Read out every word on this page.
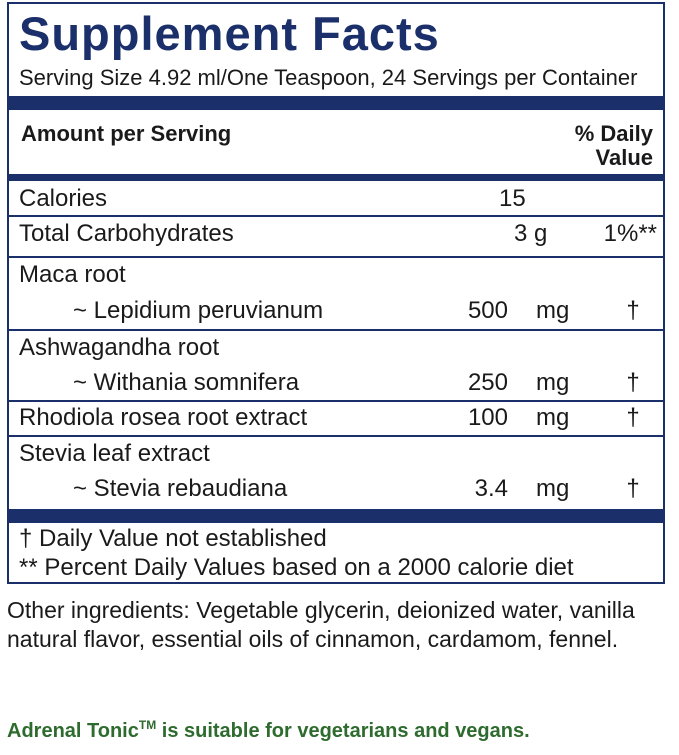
Supplement Facts
Serving Size 4.92 ml/One Teaspoon, 24 Servings per Container
Amount per Serving	% Daily
Value
Calories	15
Total Carbohydrates	3 g 1%**
Maca root
~ Lepidium peruvianum	500 mg †
Ashwagandha root
~ Withania somnifera	250 mg †
Rhodiola rosea root extract	100 mg †
Stevia leaf extract
~ Stevia rebaudiana	3.4 mg †
† Daily Value not established
** Percent Daily Values based on a 2000 calorie diet
Other ingredients: Vegetable glycerin, deionized water, vanilla natural flavor, essential oils of cinnamon, cardamom, fennel.
Adrenal Tonic™ is suitable for vegetarians and vegans.
